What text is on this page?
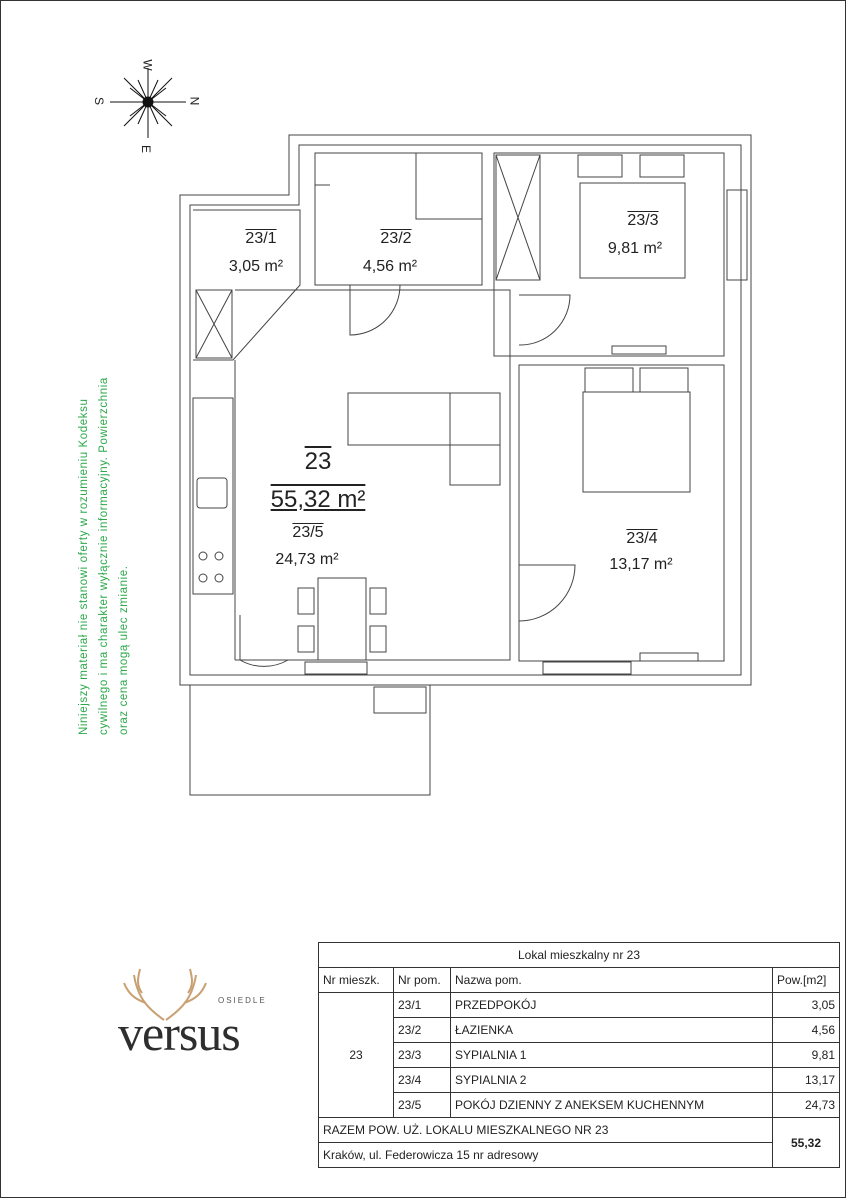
S	N
W
E
23/1
3,05 m²
23/2
4,56 m²
23/3
9,81 m²
23/4
13,17 m²
23
55,32 m²
23/5
24,73 m²
Niniejszy materiał nie stanowi oferty w rozumieniu Kodeksu cywilnego i ma charakter wyłącznie informacyjny. Powierzchnia oraz cena mogą ulec zmianie.
OSIEDLE
versus
Lokal mieszkalny nr 23			
Nr mieszk.	Nr pom.	Nazwa pom.	Pow.[m2]
23	23/1	PRZEDPOKÓJ	3,05
	23/2	ŁAZIENKA	4,56
	23/3	SYPIALNIA 1	9,81
	23/4	SYPIALNIA 2	13,17
	23/5	POKÓJ DZIENNY Z ANEKSEM KUCHENNYM	24,73
RAZEM POW. UŻ. LOKALU MIESZKALNEGO NR 23			55,32
Kraków, ul. Federowicza 15 nr adresowy			
